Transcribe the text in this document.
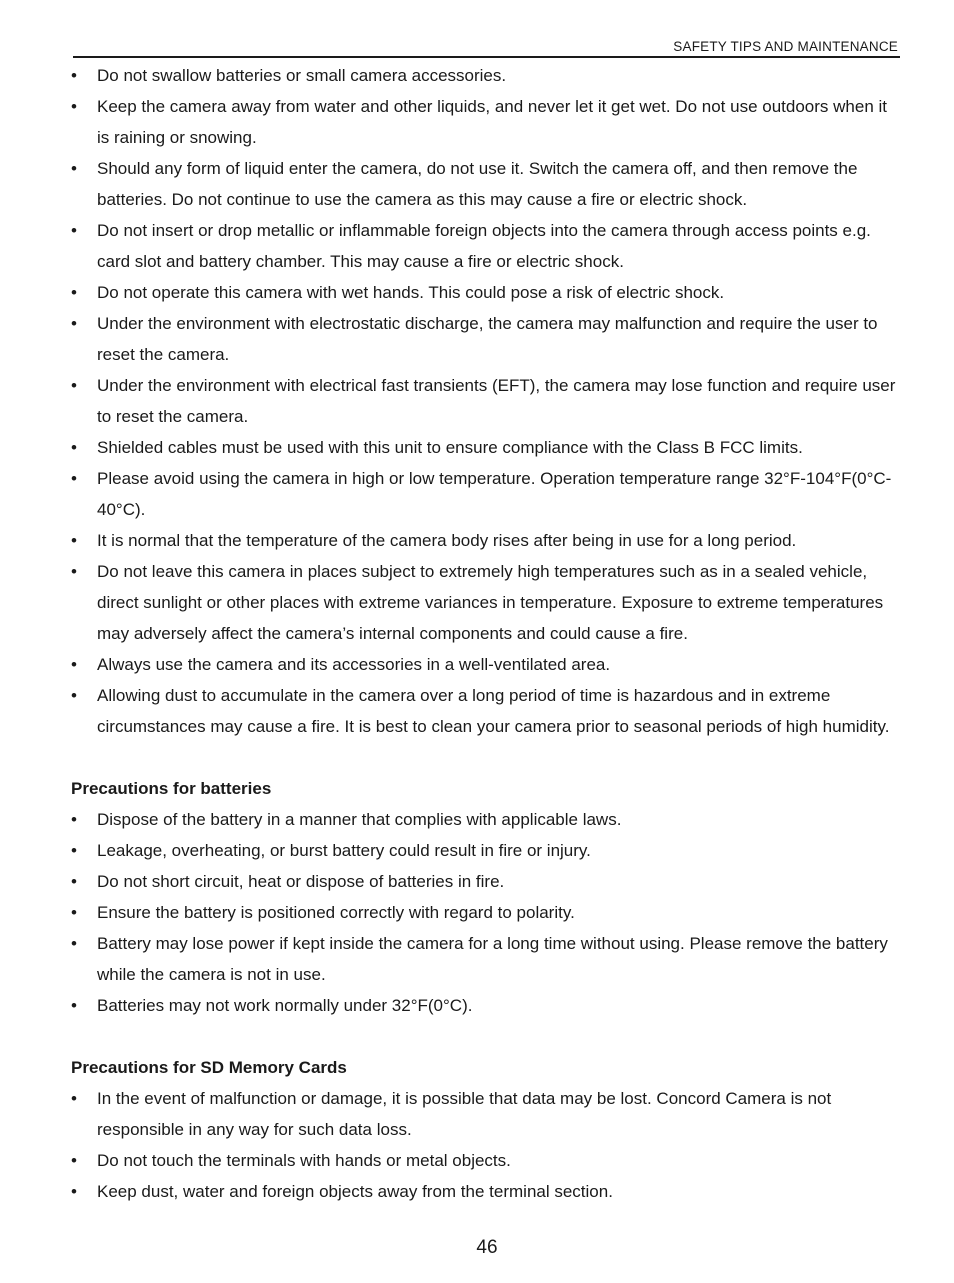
SAFETY TIPS AND MAINTENANCE
• Do not swallow batteries or small camera accessories.
• Keep the camera away from water and other liquids, and never let it get wet. Do not use outdoors when it is raining or snowing.
• Should any form of liquid enter the camera, do not use it. Switch the camera off, and then remove the batteries. Do not continue to use the camera as this may cause a fire or electric shock.
• Do not insert or drop metallic or inflammable foreign objects into the camera through access points e.g. card slot and battery chamber. This may cause a fire or electric shock.
• Do not operate this camera with wet hands. This could pose a risk of electric shock.
• Under the environment with electrostatic discharge, the camera may malfunction and require the user to reset the camera.
• Under the environment with electrical fast transients (EFT), the camera may lose function and require user to reset the camera.
• Shielded cables must be used with this unit to ensure compliance with the Class B FCC limits.
• Please avoid using the camera in high or low temperature. Operation temperature range 32°F-104°F(0°C-40°C).
• It is normal that the temperature of the camera body rises after being in use for a long period.
• Do not leave this camera in places subject to extremely high temperatures such as in a sealed vehicle, direct sunlight or other places with extreme variances in temperature. Exposure to extreme temperatures may adversely affect the camera’s internal components and could cause a fire.
• Always use the camera and its accessories in a well-ventilated area.
• Allowing dust to accumulate in the camera over a long period of time is hazardous and in extreme circumstances may cause a fire. It is best to clean your camera prior to seasonal periods of high humidity.
Precautions for batteries
• Dispose of the battery in a manner that complies with applicable laws.
• Leakage, overheating, or burst battery could result in fire or injury.
• Do not short circuit, heat or dispose of batteries in fire.
• Ensure the battery is positioned correctly with regard to polarity.
• Battery may lose power if kept inside the camera for a long time without using. Please remove the battery while the camera is not in use.
• Batteries may not work normally under 32°F(0°C).
Precautions for SD Memory Cards
• In the event of malfunction or damage, it is possible that data may be lost. Concord Camera is not responsible in any way for such data loss.
• Do not touch the terminals with hands or metal objects.
• Keep dust, water and foreign objects away from the terminal section.
46
